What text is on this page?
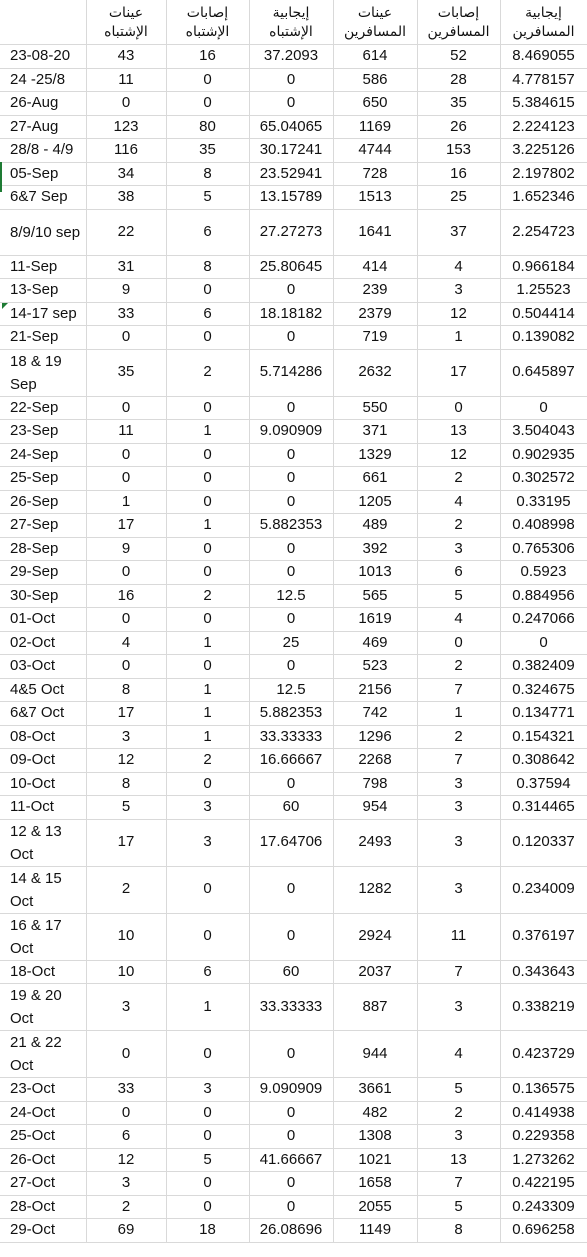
	عينات الإشتباه	إصابات الإشتباه	إيجابية الإشتباه	عينات المسافرين	إصابات المسافرين	إيجابية المسافرين
23-08-20	43	16	37.2093	614	52	8.469055
24 -25/8	11	0	0	586	28	4.778157
26-Aug	0	0	0	650	35	5.384615
27-Aug	123	80	65.04065	1169	26	2.224123
28/8 - 4/9	116	35	30.17241	4744	153	3.225126
05-Sep	34	8	23.52941	728	16	2.197802
6&7 Sep	38	5	13.15789	1513	25	1.652346
8/9/10 sep	22	6	27.27273	1641	37	2.254723
11-Sep	31	8	25.80645	414	4	0.966184
13-Sep	9	0	0	239	3	1.25523
14-17 sep	33	6	18.18182	2379	12	0.504414
21-Sep	0	0	0	719	1	0.139082
18 & 19 Sep	35	2	5.714286	2632	17	0.645897
22-Sep	0	0	0	550	0	0
23-Sep	11	1	9.090909	371	13	3.504043
24-Sep	0	0	0	1329	12	0.902935
25-Sep	0	0	0	661	2	0.302572
26-Sep	1	0	0	1205	4	0.33195
27-Sep	17	1	5.882353	489	2	0.408998
28-Sep	9	0	0	392	3	0.765306
29-Sep	0	0	0	1013	6	0.5923
30-Sep	16	2	12.5	565	5	0.884956
01-Oct	0	0	0	1619	4	0.247066
02-Oct	4	1	25	469	0	0
03-Oct	0	0	0	523	2	0.382409
4&5 Oct	8	1	12.5	2156	7	0.324675
6&7 Oct	17	1	5.882353	742	1	0.134771
08-Oct	3	1	33.33333	1296	2	0.154321
09-Oct	12	2	16.66667	2268	7	0.308642
10-Oct	8	0	0	798	3	0.37594
11-Oct	5	3	60	954	3	0.314465
12 & 13 Oct	17	3	17.64706	2493	3	0.120337
14 & 15 Oct	2	0	0	1282	3	0.234009
16 & 17 Oct	10	0	0	2924	11	0.376197
18-Oct	10	6	60	2037	7	0.343643
19 & 20 Oct	3	1	33.33333	887	3	0.338219
21 & 22 Oct	0	0	0	944	4	0.423729
23-Oct	33	3	9.090909	3661	5	0.136575
24-Oct	0	0	0	482	2	0.414938
25-Oct	6	0	0	1308	3	0.229358
26-Oct	12	5	41.66667	1021	13	1.273262
27-Oct	3	0	0	1658	7	0.422195
28-Oct	2	0	0	2055	5	0.243309
29-Oct	69	18	26.08696	1149	8	0.696258
